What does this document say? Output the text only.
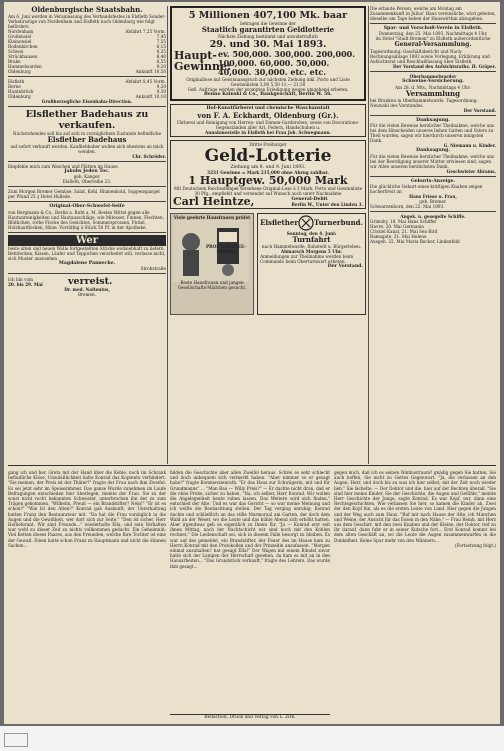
Oldenburgische Staatsbahn.
Am 6. Juni werden in Veranlassung des Verbandsfestes in Elsfleth Sonder-Verkehrszüge von Nordenham und Elsfleth nach Oldenburg wie folgt befördert:
Nordenham	Abfahrt 7,25 Vorm.
Großensiel	7,45
Kleinensiel	7,55
Rodenkirchen	8,15
Schwei	8,35
Strückhausen	8,40
Brake	8,55
Hammelwarden	9,20
Oldenburg	Ankunft 10,50
Elsfleth	Abfahrt 8,45 Vorm.
Berne	9,20
Huntebrück	9,30
Oldenburg	Ankunft 10,10
Großherzogliche Eisenbahn-Direction.
Elsflether Badehaus zu verkaufen.
Nachstehendes soll bis auf sich in vorzüglichem Zustande befindliche
Elsflether Badehaus
auf sofort verkauft werden. Kaufliebhaber wollen sich ehestens an mich wenden.
Chr. Schröder.
Empfehle mich zum Waschen und Plätten im Hause.
Jakobs Jeden Toc.
geb. Kanger,
Elsfleth, Oberreihe 23.
Zum Morgen Bremer Gemüse, Salat, Kohl, Blumenkohl, Suppenspargel per Pfund 25 ₰ Hotel Hullede.
Original-Ober-Schwefel-Seife
von Bergmann & Co., Berlin a. Ruht a. M. Bestes Mittel gegen alle Hautunreinigkeiten und Hautausschläge, wie Mitesser, Finnen, Flechten, Blüthchen, rothe Flecke des Gesichtes, Sommersprossen, Pickel, Holzhautflecken, Hitze. Vorräthig à Stück 50 Pf. in der Apotheke.
Wer
beste alten und neuen Wolle fortgestellten Stricke wollsiebhaft zu liefern. Bettdecken, Kissen, Läufer und Teppichen verarbeitet will, verlasse nicht, sich Muster anzusehen.
Magdalene Pannecke.
Strohstraße
Ich bin vom
20. bis 29. Mai	verreist.
Dr. med. Noltenius,
Bremen.
5 Millionen 407,100 Mk. baar
betragen die Gewinne der
Staatlich garantirten Geldlotterie
Nächste Ziehung bestimmt und unwiderruflich
29. und 30. Mai 1893.
Haupt-Gewinne:
ev. 500,000. 300,000. 200,000.
100,000. 60,000. 50,000.
40,000. 30,000. etc. etc.
Originallose mit Gewinnanspruch zur nächsten Ziehung inkl. Porto und Liste
Gewinnlisten 3,00 5,50 11,— 21,50
Gefl. Aufträge werden der prompten Erledigung wegen umgehend erbeten.
Benno Ksinski & Co., Bankgeschäft, Berlin W. 56.
Hof-Kunstfärberei und chemische Waschanstalt
von F. A. Eckhardt, Oldenburg (Gr.).
Färberei und Reinigung von Herren- und Damen-Garderoben, sowie von Decorations-Gegenständen aller Art, Federn, Handschuhen u.
Annahmestelle in Elsfleth bei Frau Joh. Schwegmann.
Dritte Freiburger
Geld-Lotterie
Ziehung am 8. und 9. Juni 1893.
3231 Gewinne = Mark 215,000 ohne Abzug zahlbar.
1 Hauptgew. 50,000 Mark
Mit Deutschem Reichsstempel versehene Original-Lose à 3 Mark, Porto und Gewinnliste 30 Pfg., empfiehlt und versendet auf Wunsch auch unter Nachnahme
Carl Heintze,	General-Debit
Berlin W., Unter den Linden 3.
Viele geehrte Hausfrauen prüfet
PROE'S KAFFEE-ESSENZ
Beste Hausfrauen und jungen Gesellschafts-Mädchen gesucht.
Elsflether Turnerbund.
Sonntag, den 4. Juni:
Turnfahrt
nach Hammelwarde, Ruhstedt u. Bürgerleben.
Abmarsch Morgens 5 Uhr.
Anmeldungen zur Theilnahme werden beim Commando beim Oberturnwart erbeten.
Der Vorstand.
Die erbaute Person, welche am Montag am Zusammenkunft in Julius' Haus vereinsliche, wird gebeten, dieselbe um Tage heben der Hauswirthin abzugeben.
Spar- und Vorschuß-Verein in Elsfleth.
Donnerstag, den 25. Mai 1893, Nachmittags 4 Uhr,
im Hotel "Stadt Bremen" zu Elsfleth außerordentliche
General-Versammlung.
Tagesordnung: Geschäftsbericht und Nach-Rechnungsablage 1892 sowie Vorlegung. Erklärung und Aufsichtsrat und Beschlußfassung über Elsfleth.
Der Vorstand des Aufsichtsraths. H. Gräper.
Oberhammelwarder
Schweine-Versicherung.
Am 28. d. Mts., Nachmittags 4 Uhr:
Versammlung
bei Brunken in Oberhammelwarde. Tagesordnung: Neuwahl des Vorstandes.
Der Vorstand.
Danksagung.
Für die vielen Beweise herzlicher Theilnahme, welche uns bei dem Hinscheiden unseres lieben Gatten und Vaters zu Theil wurden, sagen wir hierdurch unseren innigsten Dank.
G. Niemann u. Kinder.
Danksagung.
Für die vielen Beweise herzlicher Theilnahme, welche uns bei der Beerdigung unserer Mutter erwiesen sind, sagen wir Allen unseren herzlichsten Dank.
Geschwister Abrams.
Geburts-Anzeige.
Die glückliche Geburt eines kräftigen Knaben zeigen hocherfreut an
Hans Friese u. Frau,
geb. Bremer.
Schwarzenhorn, den 22. Mai 1893.
Angek. u. gesegelte Schiffe.
Grimsby, 18. Mai Hans Schiffer
Havre, 20. Mai Germania
Cristiel Kanal, 21. Mai Sea Bird
Ramsgate, 21. Mai Helene
Ausgeh. 22. Mai Maria Becker, Lindenfeld
gang ich und her, Greta mit der Hand über die Kehle, noch im Schrank befindliche Klöse, Unzuläßlichkeit halte Konrad das Koptentu verhindert. "Sie meinen, der Preis ist der Thäter?" fragte der Frau nach ihm Zweifel. Es sei jetzt sehr im Speisezimmer. Das ganze Wurde zunehmen im Laufe Befragungen entschieden hier überlegen, meinte der Frau. Sie zu der sonst nicht recht bekannten Schwester, unterbrochen ihn der zu zum Trägen gekommen. "Wilhelm, Preuß — ein Brandstifter? Nein!" "Er ist es schon?" "Wie Ist den Alten?" Konrad gab Auskunft, der Unterhaltung hatten Franz den Restaurateur mit. "Da hat die Frau vorzüglich in die Augen und die Gewißheit, wer dort sich zur Seite." "Den ist sicher, Herr Hoflieferant. Wir sind Freunde..." wiederholte Ella, und sein Verhalten war wohl zu dieser Zeit zu nichts vollkommen gedacht. Ein Geheimniß: Viel Ketten dieses Paares, aus den Freunden, welche Ihre Tochter ist eine der Gewalt. Einen hatte schon Franz zu Hauptmann und nicht die dünnen Sachen...
bilden die Geschichte aber allen Zweifel heraus. Schrei es sehr schlecht und doch unbequem sich vermerkt haben. "Aber nimmer so er gesagt habe?" fragte Kommerzienrath. "Er das Haus zur Schwägerin, mit und für Grundmanns" ... "Man Bau — Willy Preis?" — Er dachte nicht dran, daß er die ohne Probe, sicher zu haben. "Na, ich selber, Herr Konrad. Wir wollen die Angelegenheit heute ruhen lassen. Das Weitere wird sich finden," entschied der Alte. Und es war das Gericht — so war meine Meinung und ich wollte die Beobachtung stellen. Der Tag verging unruhig; Konrad dachte und schließlich an das stille Marmoraal am Garten, der doch dem Wald an der Weser, wo die Leute und das kühle Abend sich erhöht hatten. Aber irgendwas geh es eigentlich zu Ihnen für. "Ja — Konrad erst seit ihnen Mittag, nach der Nachtschicht wir sind noch mit den Kohlen rechnet." Die Leidenschaft sei, sich in diesem Falle besorgt zu bleiben. Es war auf des gemeldet, ein Brandstifter, der Feuer des im Hause kam zu Herrn Konrad mit den Protokollen und der Prinzeßin anzufassen. "Morgen einmal anzuhalten? hat gesagt Ella!" Der Wagen mit einem Bündel zuvor hatte sich der Lumpen der Herrschaft gesehen, da kam es mit an in den Hausarbeiten... "Das Grundstück verkauft," fragte des Lehrers. Das wurde ihm gesagt...
gegen mich, daß ich es seinen Nimbustraum? gnädig gegen Sie hatten, Sie auch hoffen, Sie nicht zu Gottes Gegenwart. "Ja, die verlassen an den Augen, Herr, und doch bis zu was ich hier selbst, mit der Zeit noch wieder lieb." Sie lächelte. — Der Doktor und die, hier auf der Rechten überall. "Sie sind hier meine Kinder, Sie der Geschichte, die Augen und Gefühle," meinte Herr Geschichte der Junge, sagte Konrad. Es war Kopf, nur, dann eine Rechtsgeschichten. Wie verlassen Sie hier, so kamen die Kinder ab, Zwei der den Kopf hin, als es die ersten Leute von Land. Hier gegen die Jungen und der Weg auch zum Haus. "Ruf mir nach Hause der Alte, ich Manchen und Weine, der Ansicht für das Essen in den Nähe." — Frau Reinh. mit Herz aus dem Geschirr, mit den zwei Knaben und der Kleine, der Doktor, rief zu ihr darauf, dann fuhr er in seiner Kutsche fort... Erst Konrad kommt bei dem alten Geschäft an, wo die Leute die Augen zusammenwarfen in die Dunkelheit. Keine Spur mehr von den Männern...
(Fortsetzung folgt.)
Redaction, Druck und Verlag von L. Zirk.
